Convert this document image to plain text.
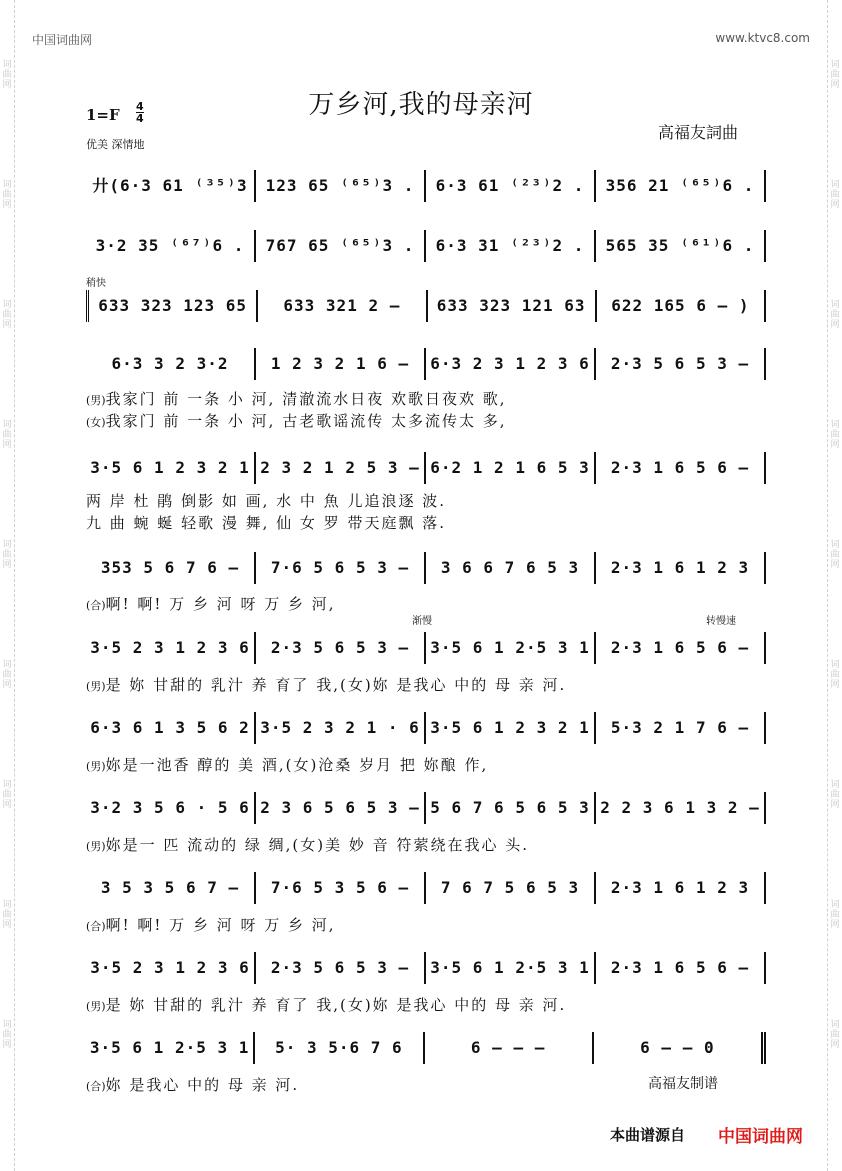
中国词曲网	www.ktvc8.com
万乡河,我的母亲河
1=F 4
4
优美 深情地
高福友詞曲
稍快
渐慢	转慢速
廾(6·3 61 ⁽³⁵⁾3	123 65 ⁽⁶⁵⁾3 .	6·3 61 ⁽²³⁾2 .	356 21 ⁽⁶⁵⁾6 .
3·2 35 ⁽⁶⁷⁾6 .	767 65 ⁽⁶⁵⁾3 .	6·3 31 ⁽²³⁾2 .	565 35 ⁽⁶¹⁾6 .
633 323 123 65	633 321 2 –	633 323 121 63	622 165 6 – )
6·3 3 2 3·2	1 2 3 2 1 6 –	6·3 2 3 1 2 3 6	2·3 5 6 5 3 –
3·5 6 1 2 3 2 1 2 3 2 1 2 5 3 – 6·2 1 2 1 6 5 3	2·3 1 6 5 6 –
353 5 6 7 6 –	7·6 5 6 5 3 –	3 6 6 7 6 5 3	2·3 1 6 1 2 3
3·5 2 3 1 2 3 6	2·3 5 6 5 3 –	3·5 6 1 2·5 3 1	2·3 1 6 5 6 –
6·3 6 1 3 5 6 2 3·5 2 3 2 1 · 6 3·5 6 1 2 3 2 1	5·3 2 1 7 6 –
3·2 3 5 6 · 5 6 2 3 6 5 6 5 3 – 5 6 7 6 5 6 5 3 2 2 3 6 1 3 2 –
3 5 3 5 6 7 –	7·6 5 3 5 6 –	7 6 7 5 6 5 3	2·3 1 6 1 2 3
3·5 2 3 1 2 3 6	2·3 5 6 5 3 –	3·5 6 1 2·5 3 1	2·3 1 6 5 6 –
3·5 6 1 2·5 3 1	5· 3 5·6 7 6	6 – – –	6 – – 0
(男)我家门 前 一条 小 河, 清澈流水日夜 欢歌日夜欢 歌,
(女)我家门 前 一条 小 河, 古老歌谣流传 太多流传太 多,
两 岸 杜 鹃 倒影 如 画, 水 中 魚 儿追浪逐 波.
九 曲 蜿 蜒 轻歌 漫 舞, 仙 女 罗 带天庭飘 落.
(合)啊! 啊! 万 乡 河 呀 万 乡 河,
(男)是 妳 甘甜的 乳汁 养 育了 我,(女)妳 是我心 中的 母 亲 河.
(男)妳是一池香 醇的 美 酒,(女)沧桑 岁月 把 妳酿 作,
(男)妳是一 匹 流动的 绿 绸,(女)美 妙 音 符萦绕在我心 头.
(合)啊! 啊! 万 乡 河 呀 万 乡 河,
(男)是 妳 甘甜的 乳汁 养 育了 我,(女)妳 是我心 中的 母 亲 河.
(合)妳 是我心 中的 母 亲 河.	高福友制谱
本曲谱源自 中国词曲网
词曲网
词曲网
词曲网
词曲网
词曲网
词曲网
词曲网
词曲网
词曲网
词曲网
词曲网
词曲网
词曲网
词曲网
词曲网
词曲网
词曲网
词曲网
